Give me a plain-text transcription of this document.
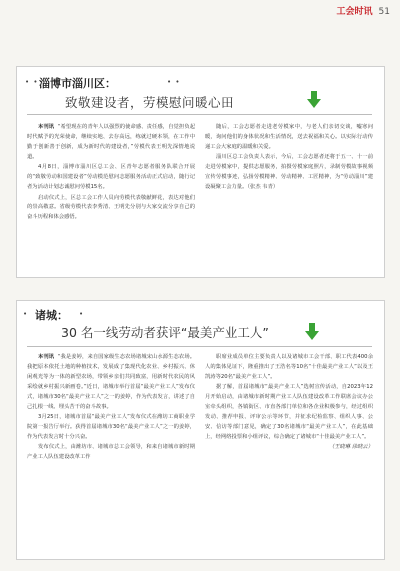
工会时讯 51
• • 淄博市淄川区：	• •
致敬建设者，劳模慰问暖心田

本刊讯 “希望现在的青年人以强烈的使命感、责任感，自觉担负起时代赋予的光荣使命，继续实地、去存高远，练就过硬本领，在工作中勤于创新善于创新，成为新时代的建设者，”劳模代表王明先深情地说道。

4月8日，淄博市淄川区总工会、区青年志愿者服务队联合开展的“致敬劳动和国建设者”劳动模范慰问志愿服务活动正式启动，随行记者为活动计划志诚慰问劳模15名。

启动仪式上，区总工会工作人员向劳模代表敬献鲜花，表达对他们的崇高敬意。省级劳模代表李秀清、王明先分别与大家交流分享自己的奋斗历程和体会感悟。

随后，工会志愿者走进老劳模家中，与老人们亲切交谈，嘘寒问暖，询问他们的身体状况和生活情况，送去祝福和关心。以实际行动传递工会大家庭的温暖和关爱。

淄川区总工会负责人表示，今后，工会志愿者还将于五一、十一前走进劳模家中，提供志愿服务，拍摄劳模家庭照片，录制劳模故事视频宣传劳模事迹，弘扬劳模精神、劳动精神、工匠精神，为“劳动淄川”建设凝聚工会力量。（张杰 韦青）

• 诸城： •
30 名一线劳动者获评“最美产业工人”

本刊讯 “我是姜婷，来自国家级生态农场诸城宋山水源生态农场。我把原本依托土地的种植技术，发展成了集现代化农业、乡村振兴、休闲观光等为一体的新型农场，带领乡亲们共同致富，用新时代农民的风采绘就乡村振兴新画卷。”近日，诸城市举行首届“最美产业工人”发布仪式，诸城市30名“最美产业工人”之一的姜婷，作为代表发言，讲述了自己扎根一线、埋头苦干的奋斗故事。

3月25日，诸城市首届“最美产业工人”发布仪式在潍坊工商职业学院第一报告厅举行。获得首届诸城市30名“最美产业工人”之一的姜婷，作为代表发言时十分兴奋。

发布仪式上，由潍坊市、诸城市总工会领导，和来自诸城市新时期产业工人队伍建设改革工作

职席业成员单位主要负责人以及诸城市工会干部、职工代表400余人的集体见证下，隆重推出了王浩名等10名“十佳最美产业工人”以及王凯涛等20名“最美产业工人”。

据了解，首届诸城市“最美产业工人”选树宣传活动，自2023年12月开始启动，由诸城市新时期产业工人队伍建设改革工作联席会议办公室牵头组织，各镇街区、市直各部门单位和各企业积极参与，经过组织发动、推荐申报、评审公示等环节，并征求纪检监察、组织人事、公安、信访等部门意见，确定了30名诸城市“最美产业工人”，在此基础上，经网络投票和小组评议，综合确定了诸城市“十佳最美产业工人”。

（王晓琳 徐晓云）
